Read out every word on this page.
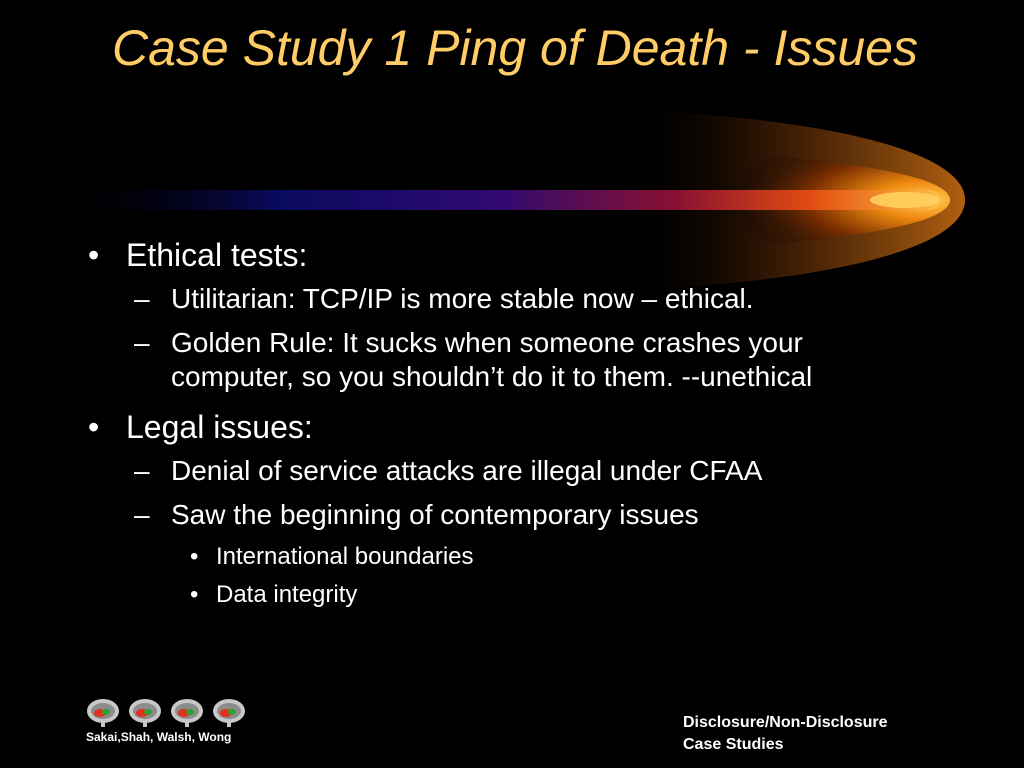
Case Study 1 Ping of Death - Issues
• Ethical tests:
– Utilitarian: TCP/IP is more stable now – ethical.
– Golden Rule: It sucks when someone crashes your computer, so you shouldn’t do it to them. --unethical
• Legal issues:
– Denial of service attacks are illegal under CFAA
– Saw the beginning of contemporary issues
• International boundaries
• Data integrity
Sakai,Shah, Walsh, Wong
Disclosure/Non-Disclosure
Case Studies
